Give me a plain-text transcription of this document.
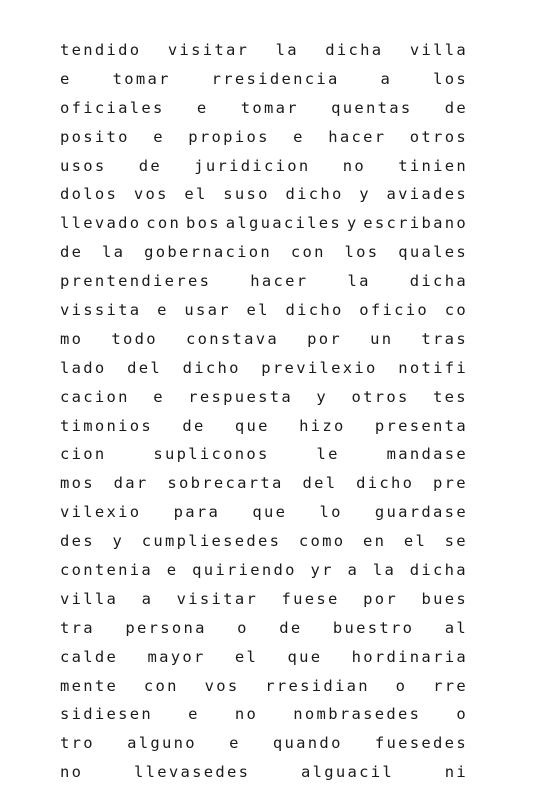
tendido visitar la dicha villa
e	tomar	rresidencia	a	los
oficiales e tomar quentas de
posito e propios e hacer otros
usos de juridicion no tinien
dolos vos el suso dicho y aviades
llevado con bos alguaciles y escribano
de la gobernacion con los quales
prentendieres	hacer	la	dicha
vissita e usar el dicho oficio co
mo todo constava por un tras
lado del dicho previlexio notifi
cacion e respuesta y otros tes
timonios de que hizo presenta
cion	supliconos	le	mandase
mos dar sobrecarta del dicho pre
vilexio para que lo guardase
des y cumpliesedes como en el se
contenia e quiriendo yr a la dicha
villa a visitar fuese por bues
tra persona o de buestro al
calde mayor el que hordinaria
mente con vos rresidian o rre
sidiesen e no nombrasedes o
tro alguno e quando fuesedes
no	llevasedes	alguacil	ni
